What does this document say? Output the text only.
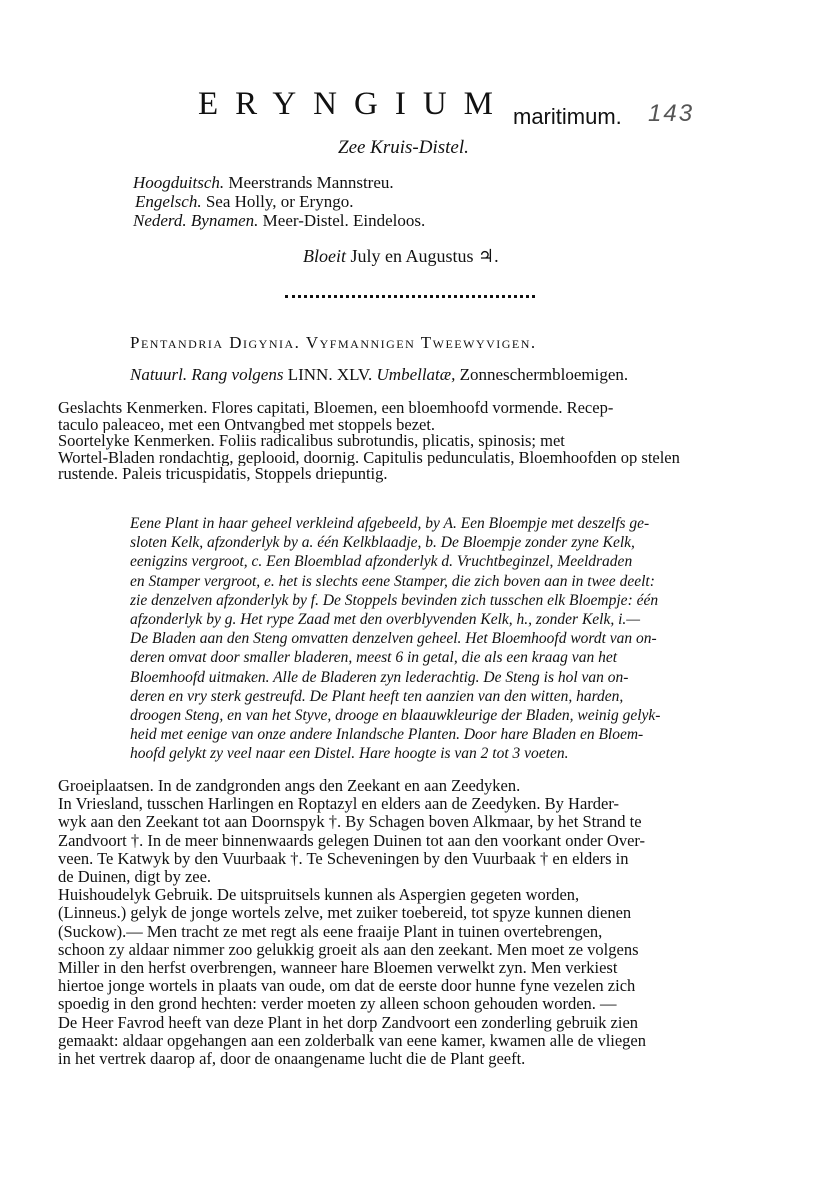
ERYNGIUM maritimum. 143
Zee Kruis-Distel.
Hoogduitsch. Meerstrands Mannstreu.
Engelsch. Sea Holly, or Eryngo.
Nederd. Bynamen. Meer-Distel. Eindeloos.
Bloeit July en Augustus ♃.
Pentandria Digynia. Vyfmannigen Tweewyvigen.
Natuurl. Rang volgens LINN. XLV. Umbellatæ, Zonneschermbloemigen.
Geslachts Kenmerken. Flores capitati, Bloemen, een bloemhoofd vormende. Recep-
taculo paleaceo, met een Ontvangbed met stoppels bezet.
Soortelyke Kenmerken. Foliis radicalibus subrotundis, plicatis, spinosis; met
Wortel-Bladen rondachtig, geplooid, doornig. Capitulis pedunculatis, Bloemhoofden op stelen
rustende. Paleis tricuspidatis, Stoppels driepuntig.
Eene Plant in haar geheel verkleind afgebeeld, by A. Een Bloempje met deszelfs ge-
sloten Kelk, afzonderlyk by a. één Kelkblaadje, b. De Bloempje zonder zyne Kelk,
eenigzins vergroot, c. Een Bloemblad afzonderlyk d. Vruchtbeginzel, Meeldraden
en Stamper vergroot, e. het is slechts eene Stamper, die zich boven aan in twee deelt:
zie denzelven afzonderlyk by f. De Stoppels bevinden zich tusschen elk Bloempje: één
afzonderlyk by g. Het rype Zaad met den overblyvenden Kelk, h., zonder Kelk, i.—
De Bladen aan den Steng omvatten denzelven geheel. Het Bloemhoofd wordt van on-
deren omvat door smaller bladeren, meest 6 in getal, die als een kraag van het
Bloemhoofd uitmaken. Alle de Bladeren zyn lederachtig. De Steng is hol van on-
deren en vry sterk gestreufd. De Plant heeft ten aanzien van den witten, harden,
droogen Steng, en van het Styve, drooge en blaauwkleurige der Bladen, weinig gelyk-
heid met eenige van onze andere Inlandsche Planten. Door hare Bladen en Bloem-
hoofd gelykt zy veel naar een Distel. Hare hoogte is van 2 tot 3 voeten.
Groeiplaatsen. In de zandgronden angs den Zeekant en aan Zeedyken.
In Vriesland, tusschen Harlingen en Roptazyl en elders aan de Zeedyken. By Harder-
wyk aan den Zeekant tot aan Doornspyk †. By Schagen boven Alkmaar, by het Strand te
Zandvoort †. In de meer binnenwaards gelegen Duinen tot aan den voorkant onder Over-
veen. Te Katwyk by den Vuurbaak †. Te Scheveningen by den Vuurbaak † en elders in
de Duinen, digt by zee.
Huishoudelyk Gebruik. De uitspruitsels kunnen als Aspergien gegeten worden,
(Linneus.) gelyk de jonge wortels zelve, met zuiker toebereid, tot spyze kunnen dienen
(Suckow).— Men tracht ze met regt als eene fraaije Plant in tuinen overtebrengen,
schoon zy aldaar nimmer zoo gelukkig groeit als aan den zeekant. Men moet ze volgens
Miller in den herfst overbrengen, wanneer hare Bloemen verwelkt zyn. Men verkiest
hiertoe jonge wortels in plaats van oude, om dat de eerste door hunne fyne vezelen zich
spoedig in den grond hechten: verder moeten zy alleen schoon gehouden worden. —
De Heer Favrod heeft van deze Plant in het dorp Zandvoort een zonderling gebruik zien
gemaakt: aldaar opgehangen aan een zolderbalk van eene kamer, kwamen alle de vliegen
in het vertrek daarop af, door de onaangename lucht die de Plant geeft.
